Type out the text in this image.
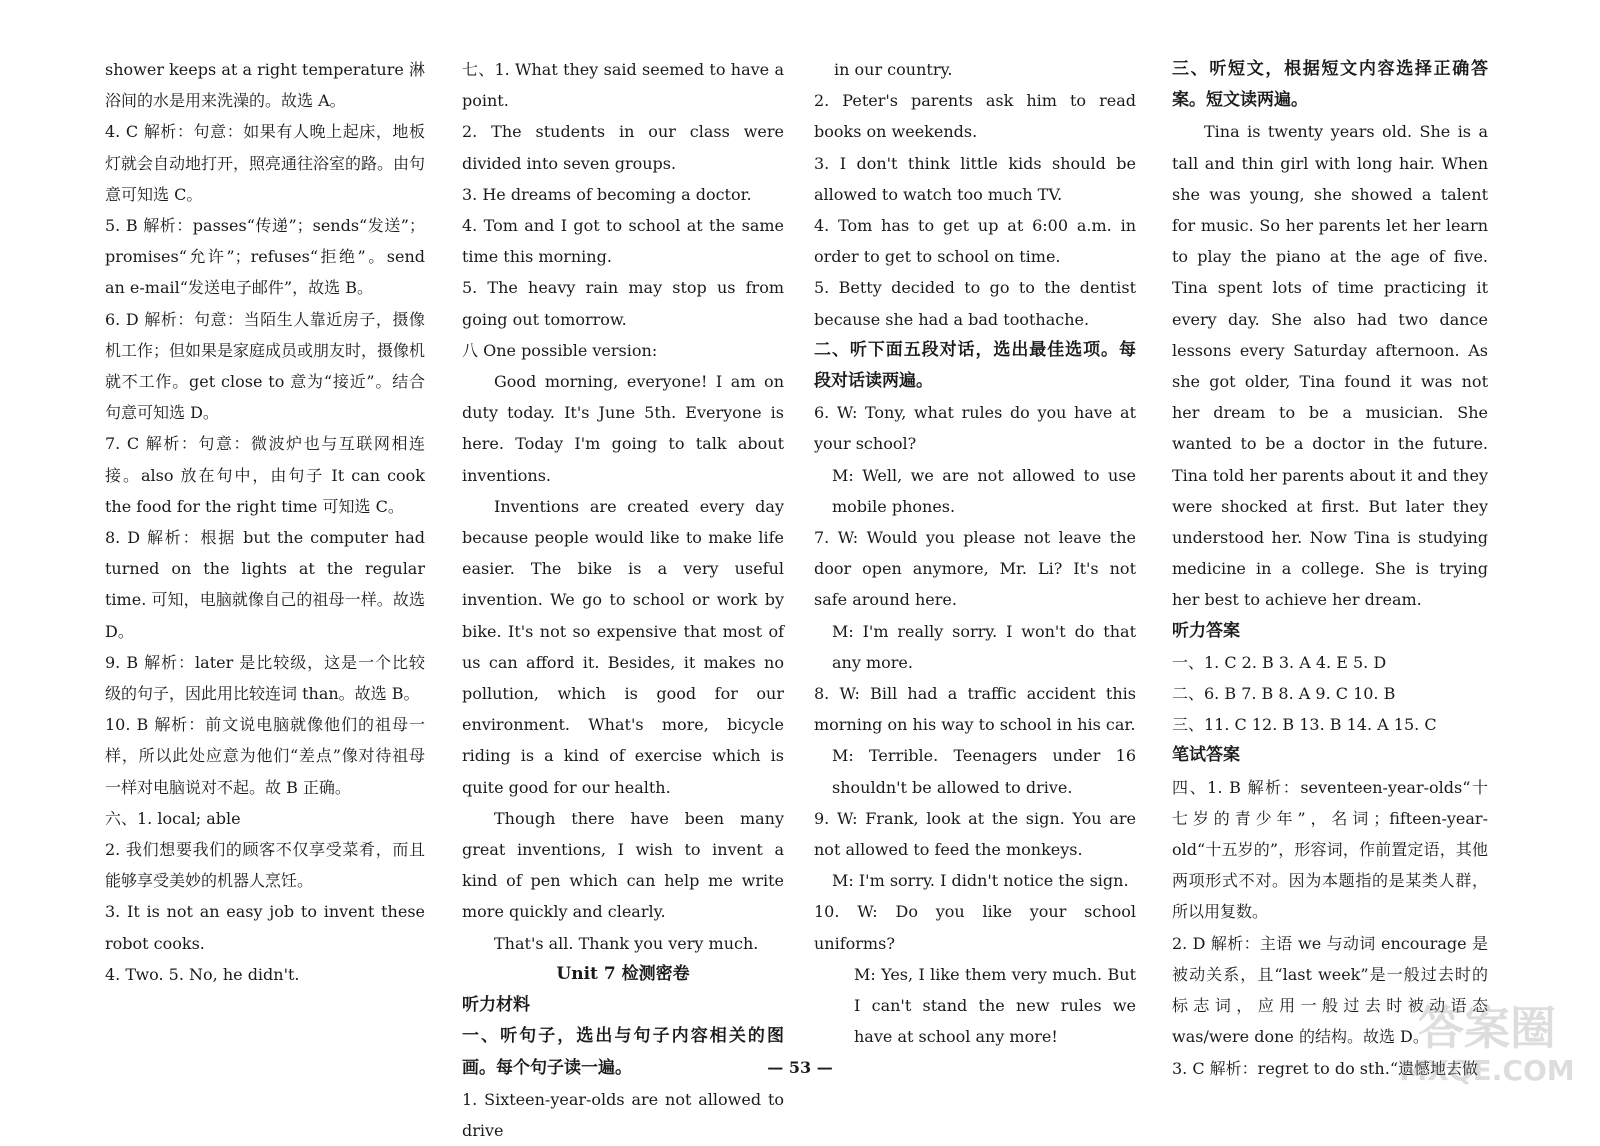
shower keeps at a right temperature 淋浴间的水是用来洗澡的。故选 A。

4. C 解析：句意：如果有人晚上起床，地板灯就会自动地打开，照亮通往浴室的路。由句意可知选 C。

5. B 解析：passes“传递”；sends“发送”；promises“允许”；refuses“拒绝”。send an e-mail“发送电子邮件”，故选 B。

6. D 解析：句意：当陌生人靠近房子，摄像机工作；但如果是家庭成员或朋友时，摄像机就不工作。get close to 意为“接近”。结合句意可知选 D。

7. C 解析：句意：微波炉也与互联网相连接。also 放在句中，由句子 It can cook the food for the right time 可知选 C。

8. D 解析：根据 but the computer had turned on the lights at the regular time. 可知，电脑就像自己的祖母一样。故选 D。

9. B 解析：later 是比较级，这是一个比较级的句子，因此用比较连词 than。故选 B。

10. B 解析：前文说电脑就像他们的祖母一样，所以此处应意为他们“差点”像对待祖母一样对电脑说对不起。故 B 正确。

六、1. local; able

2. 我们想要我们的顾客不仅享受菜肴，而且能够享受美妙的机器人烹饪。

3. It is not an easy job to invent these robot cooks.

4. Two. 5. No, he didn't.

七、1. What they said seemed to have a point.

2. The students in our class were divided into seven groups.

3. He dreams of becoming a doctor.

4. Tom and I got to school at the same time this morning.

5. The heavy rain may stop us from going out tomorrow.

八 One possible version:

Good morning, everyone! I am on duty today. It's June 5th. Everyone is here. Today I'm going to talk about inventions.

Inventions are created every day because people would like to make life easier. The bike is a very useful invention. We go to school or work by bike. It's not so expensive that most of us can afford it. Besides, it makes no pollution, which is good for our environment. What's more, bicycle riding is a kind of exercise which is quite good for our health.

Though there have been many great inventions, I wish to invent a kind of pen which can help me write more quickly and clearly.

That's all. Thank you very much.

Unit 7 检测密卷

听力材料

一、听句子，选出与句子内容相关的图画。每个句子读一遍。

1. Sixteen-year-olds are not allowed to drive

in our country.

2. Peter's parents ask him to read books on weekends.

3. I don't think little kids should be allowed to watch too much TV.

4. Tom has to get up at 6:00 a.m. in order to get to school on time.

5. Betty decided to go to the dentist because she had a bad toothache.

二、听下面五段对话，选出最佳选项。每段对话读两遍。

6. W: Tony, what rules do you have at your school?

M: Well, we are not allowed to use mobile phones.

7. W: Would you please not leave the door open anymore, Mr. Li? It's not safe around here.

M: I'm really sorry. I won't do that any more.

8. W: Bill had a traffic accident this morning on his way to school in his car.

M: Terrible. Teenagers under 16 shouldn't be allowed to drive.

9. W: Frank, look at the sign. You are not allowed to feed the monkeys.

M: I'm sorry. I didn't notice the sign.

10. W: Do you like your school uniforms?

M: Yes, I like them very much. But I can't stand the new rules we have at school any more!

三、听短文，根据短文内容选择正确答案。短文读两遍。

Tina is twenty years old. She is a tall and thin girl with long hair. When she was young, she showed a talent for music. So her parents let her learn to play the piano at the age of five. Tina spent lots of time practicing it every day. She also had two dance lessons every Saturday afternoon. As she got older, Tina found it was not her dream to be a musician. She wanted to be a doctor in the future. Tina told her parents about it and they were shocked at first. But later they understood her. Now Tina is studying medicine in a college. She is trying her best to achieve her dream.

听力答案

一、1. C 2. B 3. A 4. E 5. D

二、6. B 7. B 8. A 9. C 10. B

三、11. C 12. B 13. B 14. A 15. C

笔试答案

四、1. B 解析：seventeen-year-olds“十七岁的青少年”，名词；fifteen-year-old“十五岁的”，形容词，作前置定语，其他两项形式不对。因为本题指的是某类人群，所以用复数。

2. D 解析：主语 we 与动词 encourage 是被动关系，且“last week”是一般过去时的标志词，应用一般过去时被动语态 was/were done 的结构。故选 D。

3. C 解析：regret to do sth.“遗憾地去做

— 53 —
答案圈
MXQE.COM
